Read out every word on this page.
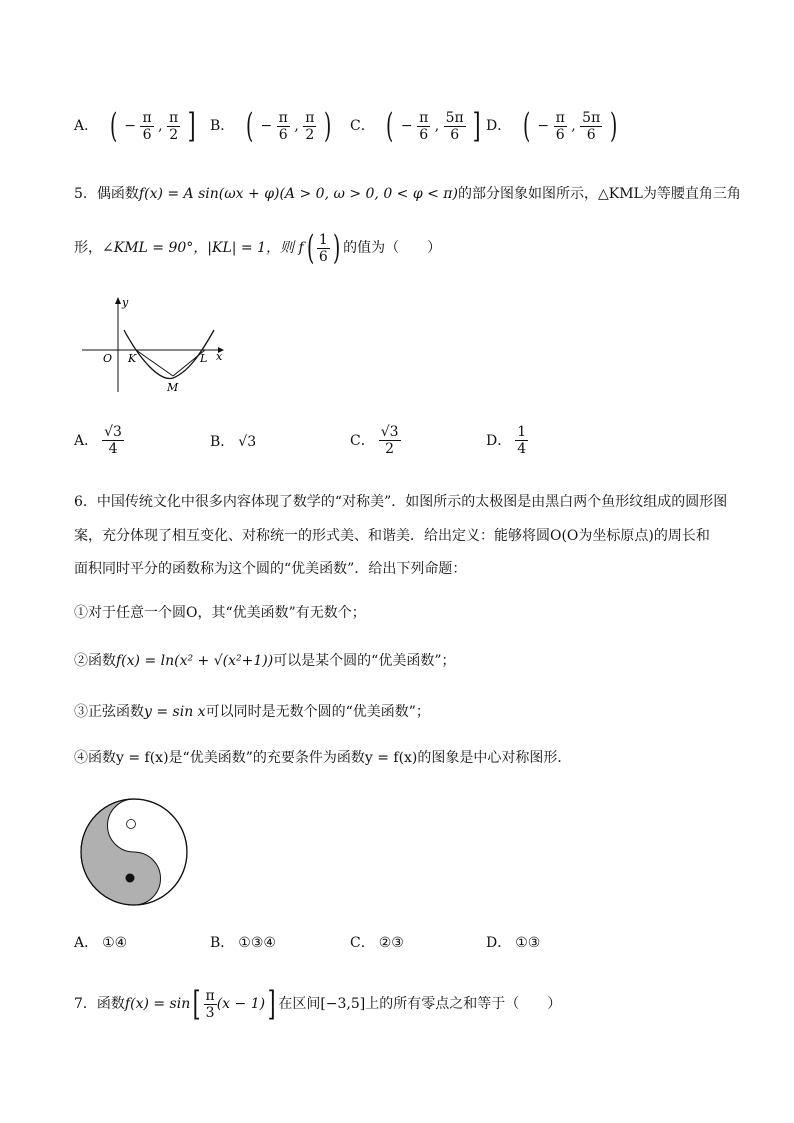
A． ( − $\frac{\pi}{6}$ , $\frac{\pi}{2}$ ] B． ( − $\frac{\pi}{6}$ , $\frac{\pi}{2}$ ) C． ( − $\frac{\pi}{6}$ , $\frac{5\pi}{6}$ ] D． ( − $\frac{\pi}{6}$ , $\frac{5\pi}{6}$ )
5．偶函数f(x) = A sin(ωx + φ)(A > 0, ω > 0, 0 < φ < π)的部分图象如图所示，△KML为等腰直角三角
形，∠KML = 90°，|KL| = 1，则 $f( \frac{1}{6}$ ) 的值为（　　）
y
x
O K	L
M
A． $\frac{√3}{4}$	B． √3	C． $\frac{√3}{2}$	D． $\frac{1}{4}$
6．中国传统文化中很多内容体现了数学的“对称美”．如图所示的太极图是由黑白两个鱼形纹组成的圆形图
案，充分体现了相互变化、对称统一的形式美、和谐美．给出定义：能够将圆O(O为坐标原点)的周长和
面积同时平分的函数称为这个圆的“优美函数”．给出下列命题：
①对于任意一个圆O，其“优美函数”有无数个；
②函数f(x) = ln(x² + √(x²+1))可以是某个圆的“优美函数”；
③正弦函数y = sin x可以同时是无数个圆的“优美函数”；
④函数y = f(x)是“优美函数”的充要条件为函数y = f(x)的图象是中心对称图形．
A． ①④	B． ①③④	C． ②③	D． ①③
7．函数$f(x) = \sin[ \frac{\pi}{3} (x - 1)]$ 在区间[−3,5]上的所有零点之和等于（　　）
